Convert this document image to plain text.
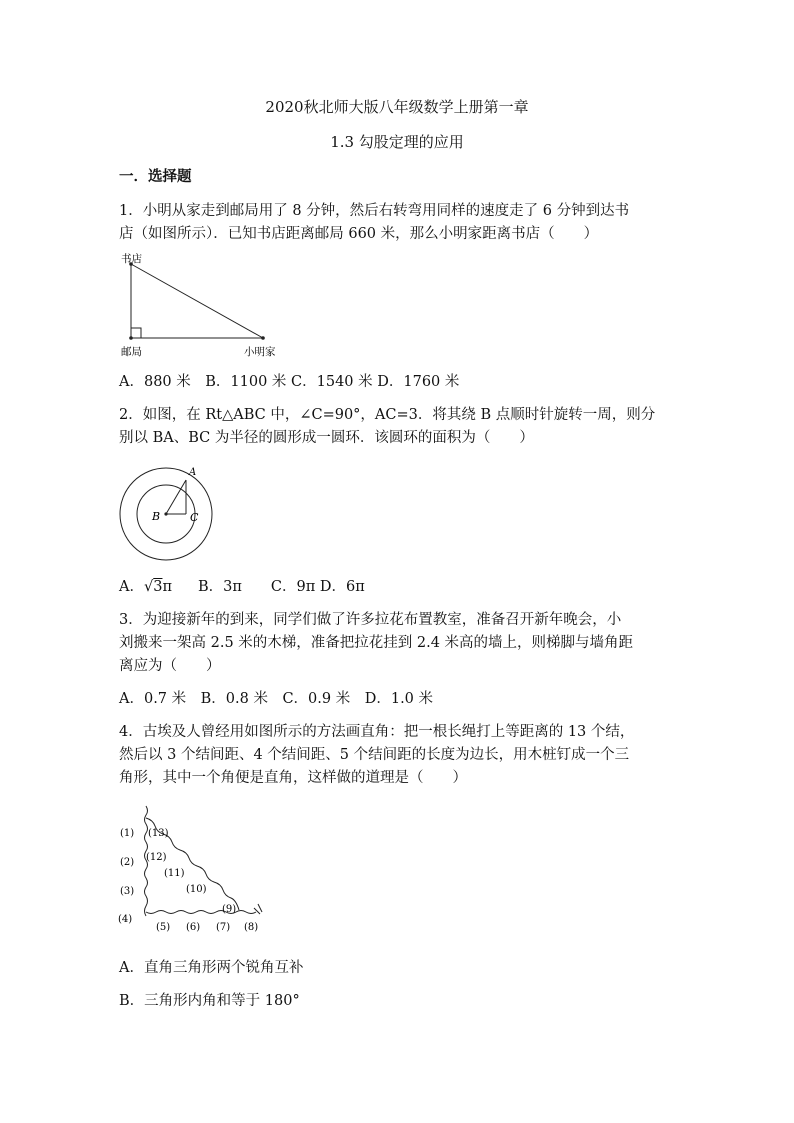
2020秋北师大版八年级数学上册第一章
1.3 勾股定理的应用
一．选择题
1．小明从家走到邮局用了 8 分钟，然后右转弯用同样的速度走了 6 分钟到达书
店（如图所示）．已知书店距离邮局 660 米，那么小明家距离书店（　　）
书店
邮局	小明家
A．880 米　B．1100 米 C．1540 米 D．1760 米
2．如图，在 Rt△ABC 中，∠C=90°，AC=3．将其绕 B 点顺时针旋转一周，则分
别以 BA、BC 为半径的圆形成一圆环．该圆环的面积为（　　）
A
B	C
A．√3π B．3π　　C．9π D．6π
3．为迎接新年的到来，同学们做了许多拉花布置教室，准备召开新年晚会，小
刘搬来一架高 2.5 米的木梯，准备把拉花挂到 2.4 米高的墙上，则梯脚与墙角距
离应为（　　）
A．0.7 米　B．0.8 米　C．0.9 米　D．1.0 米
4．古埃及人曾经用如图所示的方法画直角：把一根长绳打上等距离的 13 个结，
然后以 3 个结间距、4 个结间距、5 个结间距的长度为边长，用木桩钉成一个三
角形，其中一个角便是直角，这样做的道理是（　　）
(1)
(2)
(3)
(4)
(5) (6) (7) (8)
(9)
(10)
(11)
(12)
(13)
A．直角三角形两个锐角互补
B．三角形内角和等于 180°
